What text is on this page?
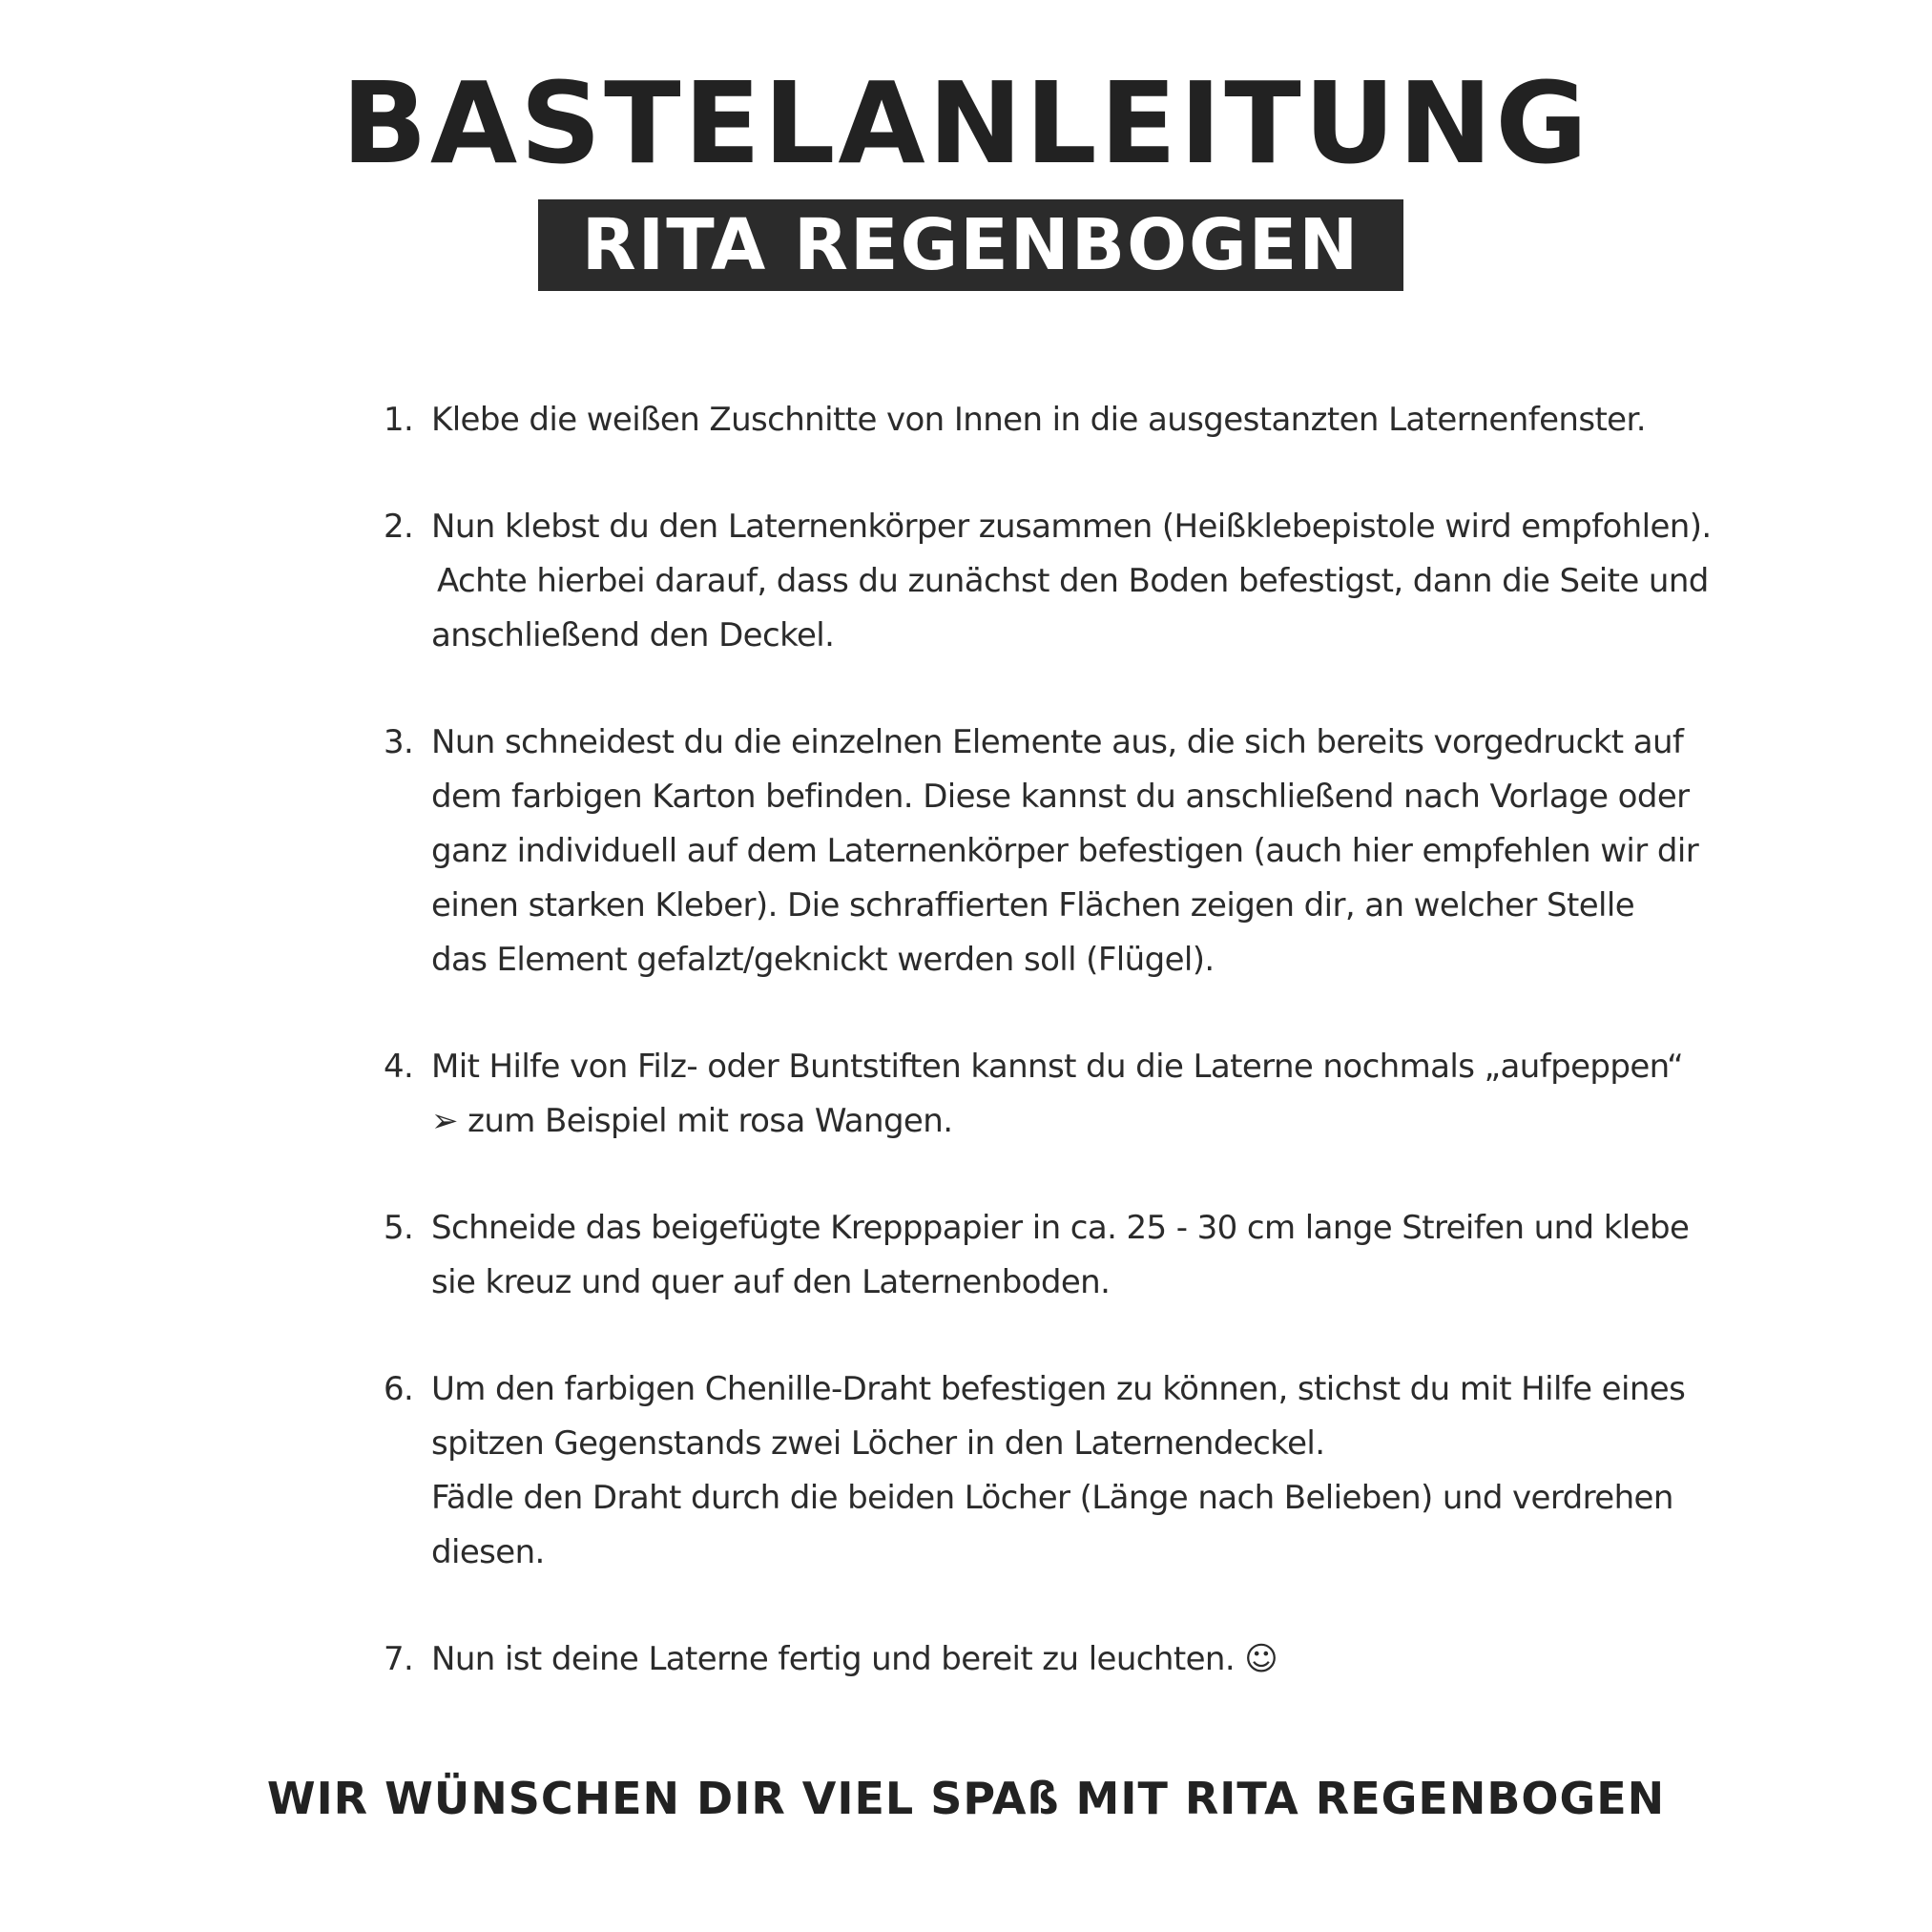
BASTELANLEITUNG
RITA REGENBOGEN
1. Klebe die weißen Zuschnitte von Innen in die ausgestanzten Laternenfenster.
2. Nun klebst du den Laternenkörper zusammen (Heißklebepistole wird empfohlen).
Achte hierbei darauf, dass du zunächst den Boden befestigst, dann die Seite und
anschließend den Deckel.
3. Nun schneidest du die einzelnen Elemente aus, die sich bereits vorgedruckt auf
dem farbigen Karton befinden. Diese kannst du anschließend nach Vorlage oder
ganz individuell auf dem Laternenkörper befestigen (auch hier empfehlen wir dir
einen starken Kleber). Die schraffierten Flächen zeigen dir, an welcher Stelle
das Element gefalzt/geknickt werden soll (Flügel).
4. Mit Hilfe von Filz- oder Buntstiften kannst du die Laterne nochmals „aufpeppen“
➢ zum Beispiel mit rosa Wangen.
5. Schneide das beigefügte Krepppapier in ca. 25 - 30 cm lange Streifen und klebe
sie kreuz und quer auf den Laternenboden.
6. Um den farbigen Chenille-Draht befestigen zu können, stichst du mit Hilfe eines
spitzen Gegenstands zwei Löcher in den Laternendeckel.
Fädle den Draht durch die beiden Löcher (Länge nach Belieben) und verdrehen
diesen.
7. Nun ist deine Laterne fertig und bereit zu leuchten. ☺
WIR WÜNSCHEN DIR VIEL SPAß MIT RITA REGENBOGEN
